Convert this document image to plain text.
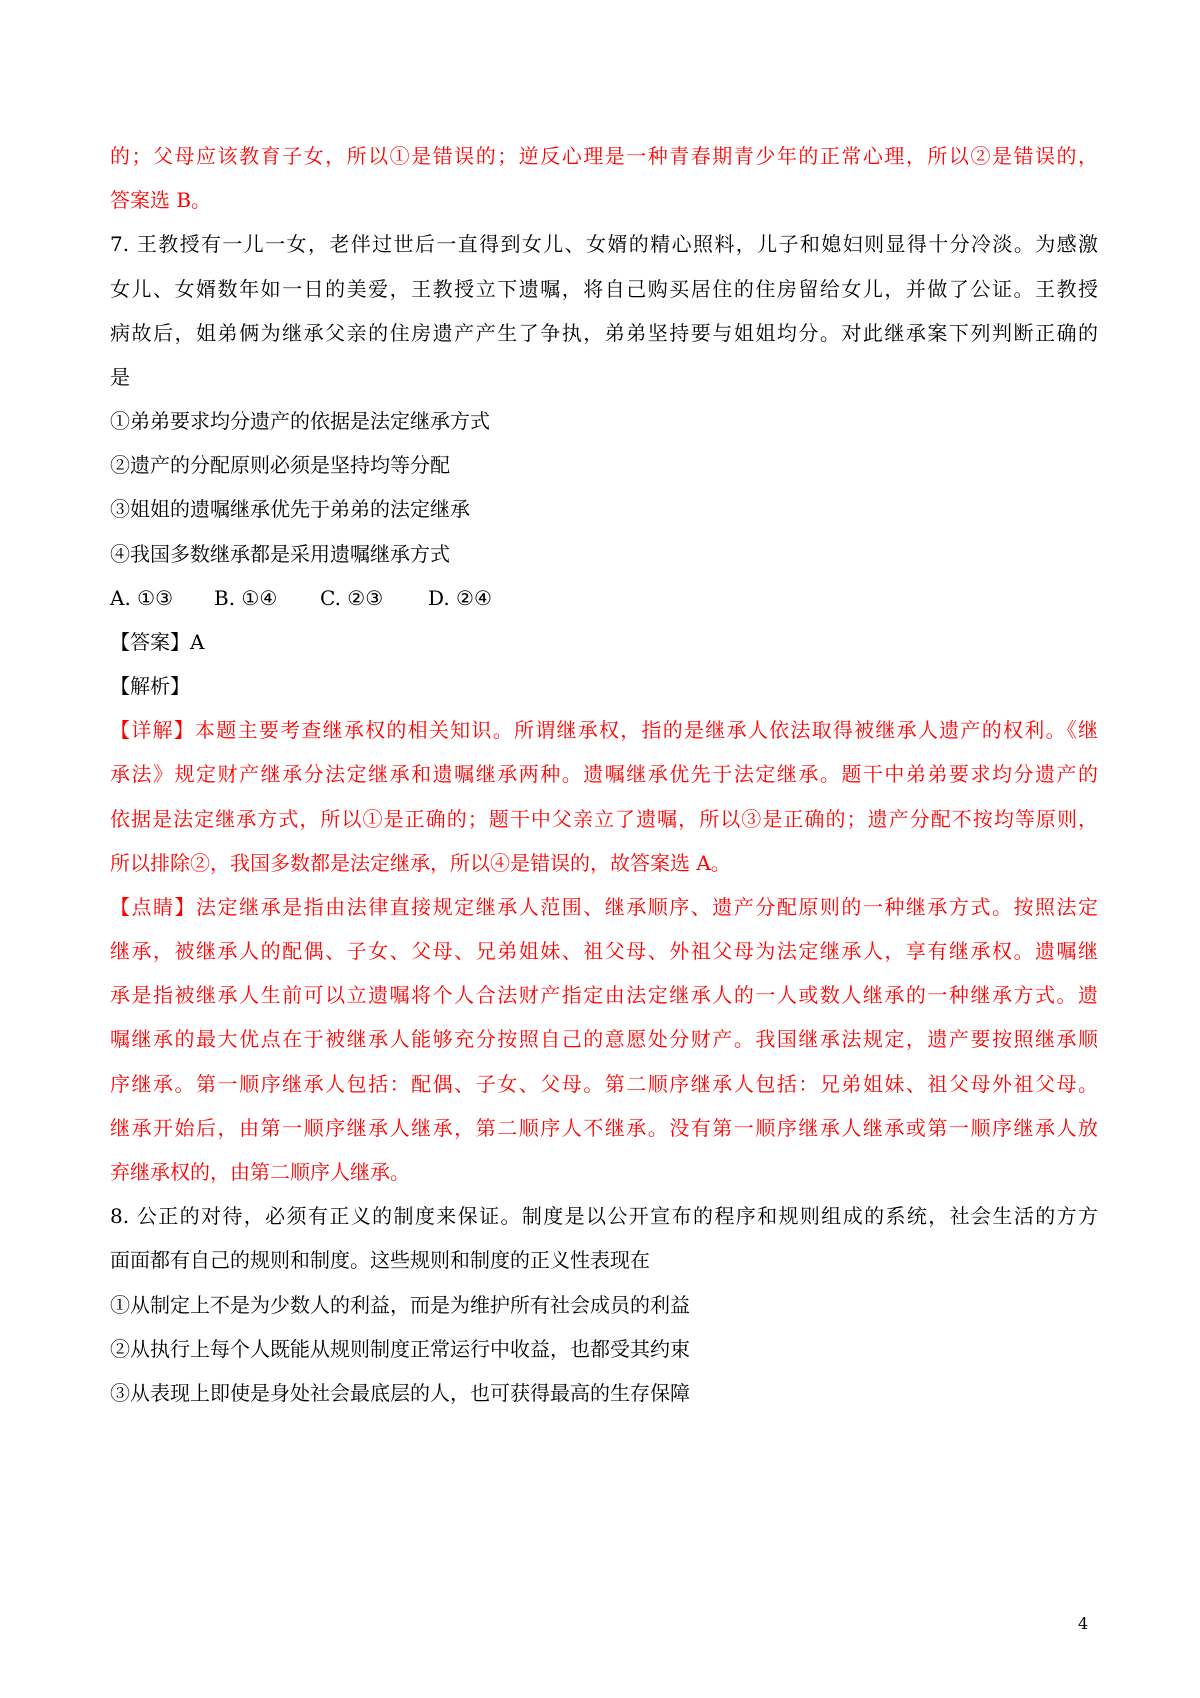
的；父母应该教育子女，所以①是错误的；逆反心理是一种青春期青少年的正常心理，所以②是错误的，
答案选 B。
7. 王教授有一儿一女，老伴过世后一直得到女儿、女婿的精心照料，儿子和媳妇则显得十分冷淡。为感激
女儿、女婿数年如一日的美爱，王教授立下遗嘱，将自己购买居住的住房留给女儿，并做了公证。王教授
病故后，姐弟俩为继承父亲的住房遗产产生了争执，弟弟坚持要与姐姐均分。对此继承案下列判断正确的
是
①弟弟要求均分遗产的依据是法定继承方式
②遗产的分配原则必须是坚持均等分配
③姐姐的遗嘱继承优先于弟弟的法定继承
④我国多数继承都是采用遗嘱继承方式
A. ①③ B. ①④ C. ②③ D. ②④
【答案】A
【解析】
【详解】本题主要考查继承权的相关知识。所谓继承权，指的是继承人依法取得被继承人遗产的权利。《继
承法》规定财产继承分法定继承和遗嘱继承两种。遗嘱继承优先于法定继承。题干中弟弟要求均分遗产的
依据是法定继承方式，所以①是正确的；题干中父亲立了遗嘱，所以③是正确的；遗产分配不按均等原则，
所以排除②，我国多数都是法定继承，所以④是错误的，故答案选 A。
【点睛】法定继承是指由法律直接规定继承人范围、继承顺序、遗产分配原则的一种继承方式。按照法定
继承，被继承人的配偶、子女、父母、兄弟姐妹、祖父母、外祖父母为法定继承人，享有继承权。遗嘱继
承是指被继承人生前可以立遗嘱将个人合法财产指定由法定继承人的一人或数人继承的一种继承方式。遗
嘱继承的最大优点在于被继承人能够充分按照自己的意愿处分财产。我国继承法规定，遗产要按照继承顺
序继承。第一顺序继承人包括：配偶、子女、父母。第二顺序继承人包括：兄弟姐妹、祖父母外祖父母。
继承开始后，由第一顺序继承人继承，第二顺序人不继承。没有第一顺序继承人继承或第一顺序继承人放
弃继承权的，由第二顺序人继承。
8. 公正的对待，必须有正义的制度来保证。制度是以公开宣布的程序和规则组成的系统，社会生活的方方
面面都有自己的规则和制度。这些规则和制度的正义性表现在
①从制定上不是为少数人的利益，而是为维护所有社会成员的利益
②从执行上每个人既能从规则制度正常运行中收益，也都受其约束
③从表现上即使是身处社会最底层的人，也可获得最高的生存保障
4
